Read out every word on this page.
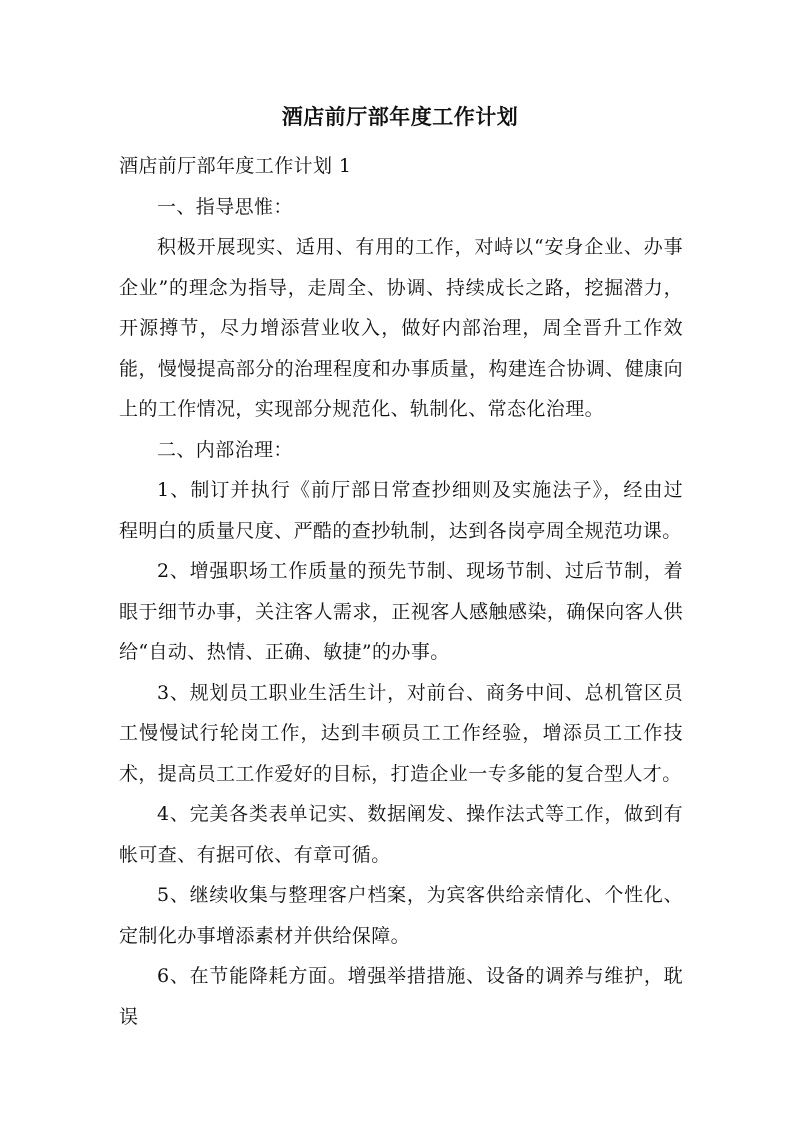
酒店前厅部年度工作计划

酒店前厅部年度工作计划 1

一、指导思惟：

积极开展现实、适用、有用的工作，对峙以“安身企业、办事企业”的理念为指导，走周全、协调、持续成长之路，挖掘潜力，开源撙节，尽力增添营业收入，做好内部治理，周全晋升工作效能，慢慢提高部分的治理程度和办事质量，构建连合协调、健康向上的工作情况，实现部分规范化、轨制化、常态化治理。

二、内部治理：

1、制订并执行《前厅部日常查抄细则及实施法子》，经由过程明白的质量尺度、严酷的查抄轨制，达到各岗亭周全规范功课。

2、增强职场工作质量的预先节制、现场节制、过后节制，着眼于细节办事，关注客人需求，正视客人感触感染，确保向客人供给“自动、热情、正确、敏捷”的办事。

3、规划员工职业生活生计，对前台、商务中间、总机管区员工慢慢试行轮岗工作，达到丰硕员工工作经验，增添员工工作技术，提高员工工作爱好的目标，打造企业一专多能的复合型人才。

4、完美各类表单记实、数据阐发、操作法式等工作，做到有帐可查、有据可依、有章可循。

5、继续收集与整理客户档案，为宾客供给亲情化、个性化、定制化办事增添素材并供给保障。

6、在节能降耗方面。增强举措措施、设备的调养与维护，耽误
